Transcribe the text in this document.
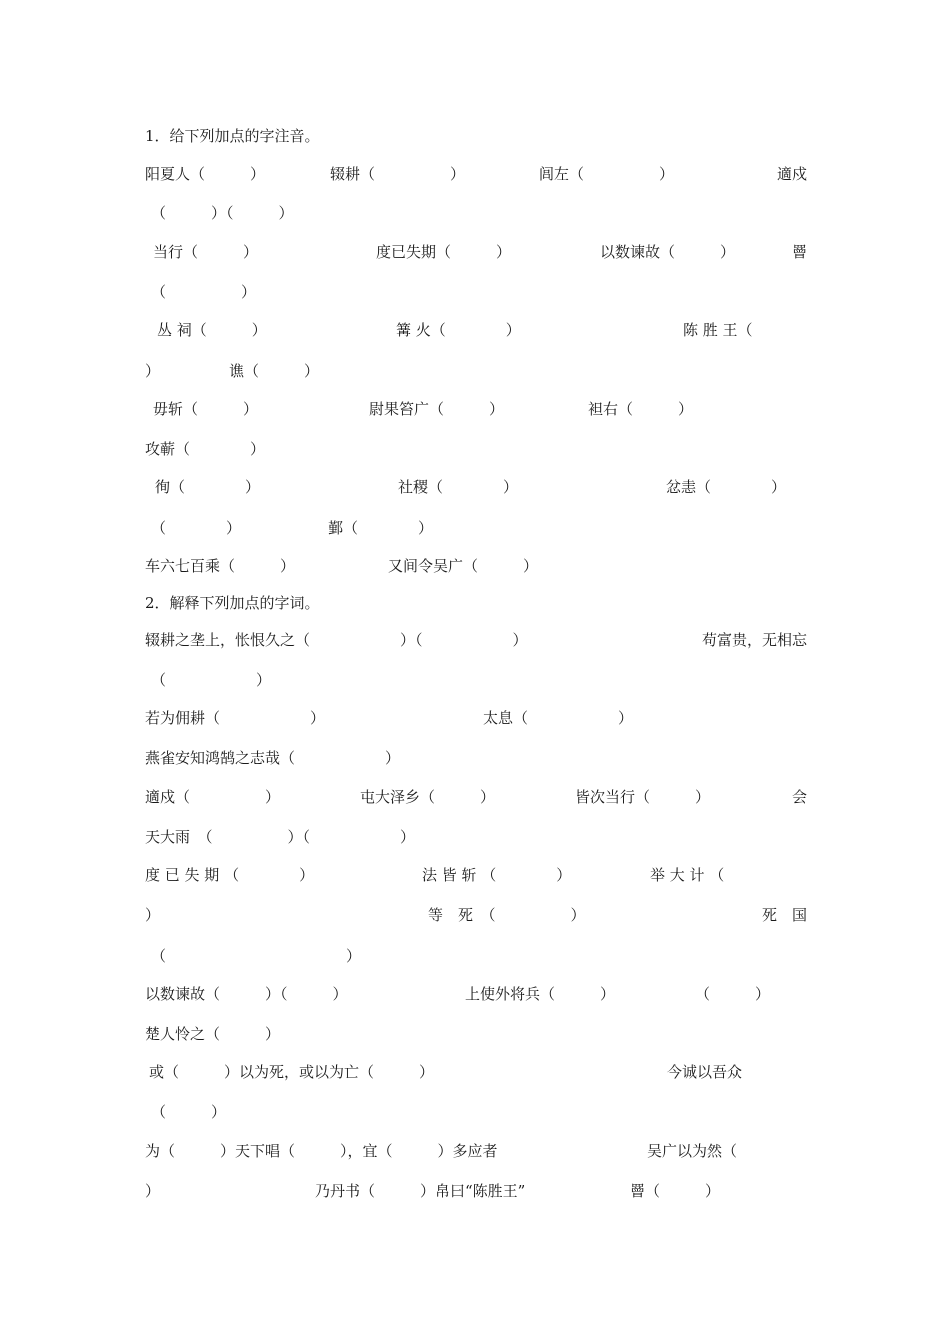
1．给下列加点的字注音。

阳夏人（　　　）

	辍耕（　　　　　）

	闾左（　　　　　）

	適戍

（　　　）（　　　）

当行（　　　）

	度已失期（　　　）

	以数谏故（　　　）

	罾

（　　　　　）

丛 祠（　　　）

	篝 火（　　　　）

	陈 胜 王（

）

	谯（　　　）

毋斩（　　　）

	尉果笞广（　　　）

	袒右（　　　）

攻蕲（　　　　）

徇（　　　　）

	社稷（　　　　）

	忿恚（　　　　）

（　　　　）

	鄞（　　　　）

车六七百乘（　　　）

	又间令吴广（　　　）

2．解释下列加点的字词。

辍耕之垄上，怅恨久之（　　　　　　）（　　　　　　）

	苟富贵，无相忘

（　　　　　　）

若为佣耕（　　　　　　）

	太息（　　　　　　）

燕雀安知鸿鹄之志哉（　　　　　　）

適戍（　　　　　）

	屯大泽乡（　　　）

	皆次当行（　　　）

	会

天大雨　（　　　　　）（　　　　　　）

度 已 失 期 （　　　　）

	法 皆 斩 （　　　　）

	举 大 计 （

）

	等　死　（　　　　　）

	死　国

（　　　　　　　　　　　　）

以数谏故（　　　）（　　　）

	上使外将兵（　　　）

	（　　　）

楚人怜之（　　　）

或（　　　）以为死，或以为亡（　　　）

	今诚以吾众

（　　　）

为（　　　）天下唱（　　　），宜（　　　）多应者

	吴广以为然（

）

	乃丹书（　　　）帛曰“陈胜王”

	罾（　　　）
